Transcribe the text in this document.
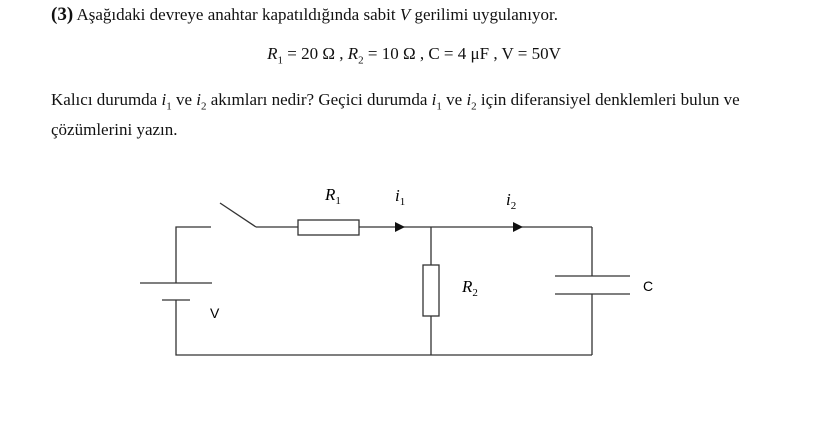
(3) Aşağıdaki devreye anahtar kapatıldığında sabit V gerilimi uygulanıyor.
$R_1 = 20$ Ω , $R_2 = 10$ Ω , C = 4 μF , V = 50V
Kalıcı durumda $i_1$ ve $i_2$ akımları nedir? Geçici durumda $i_1$ ve $i_2$ için diferansiyel denklemleri bulun ve çözümlerini yazın.
$R_1$	$i_1$	$i_2$
$R_2$	C
V
